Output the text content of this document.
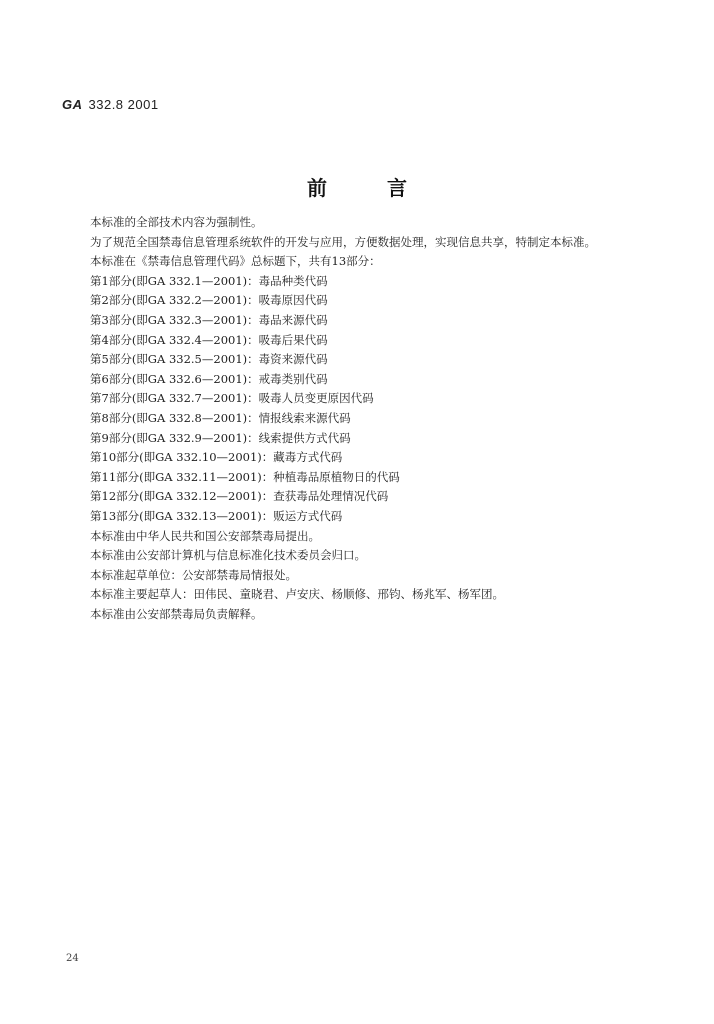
GA 332.8 2001
前言
本标准的全部技术内容为强制性。
为了规范全国禁毒信息管理系统软件的开发与应用，方便数据处理，实现信息共享，特制定本标准。
本标准在《禁毒信息管理代码》总标题下，共有13部分：
第1部分(即GA 332.1—2001)：毒品种类代码
第2部分(即GA 332.2—2001)：吸毒原因代码
第3部分(即GA 332.3—2001)：毒品来源代码
第4部分(即GA 332.4—2001)：吸毒后果代码
第5部分(即GA 332.5—2001)：毒资来源代码
第6部分(即GA 332.6—2001)：戒毒类别代码
第7部分(即GA 332.7—2001)：吸毒人员变更原因代码
第8部分(即GA 332.8—2001)：情报线索来源代码
第9部分(即GA 332.9—2001)：线索提供方式代码
第10部分(即GA 332.10—2001)：藏毒方式代码
第11部分(即GA 332.11—2001)：种植毒品原植物日的代码
第12部分(即GA 332.12—2001)：查获毒品处理情况代码
第13部分(即GA 332.13—2001)：贩运方式代码
本标准由中华人民共和国公安部禁毒局提出。
本标准由公安部计算机与信息标准化技术委员会归口。
本标准起草单位：公安部禁毒局情报处。
本标准主要起草人：田伟民、童晓君、卢安庆、杨顺修、邢钧、杨兆军、杨军团。
本标准由公安部禁毒局负责解释。
24
